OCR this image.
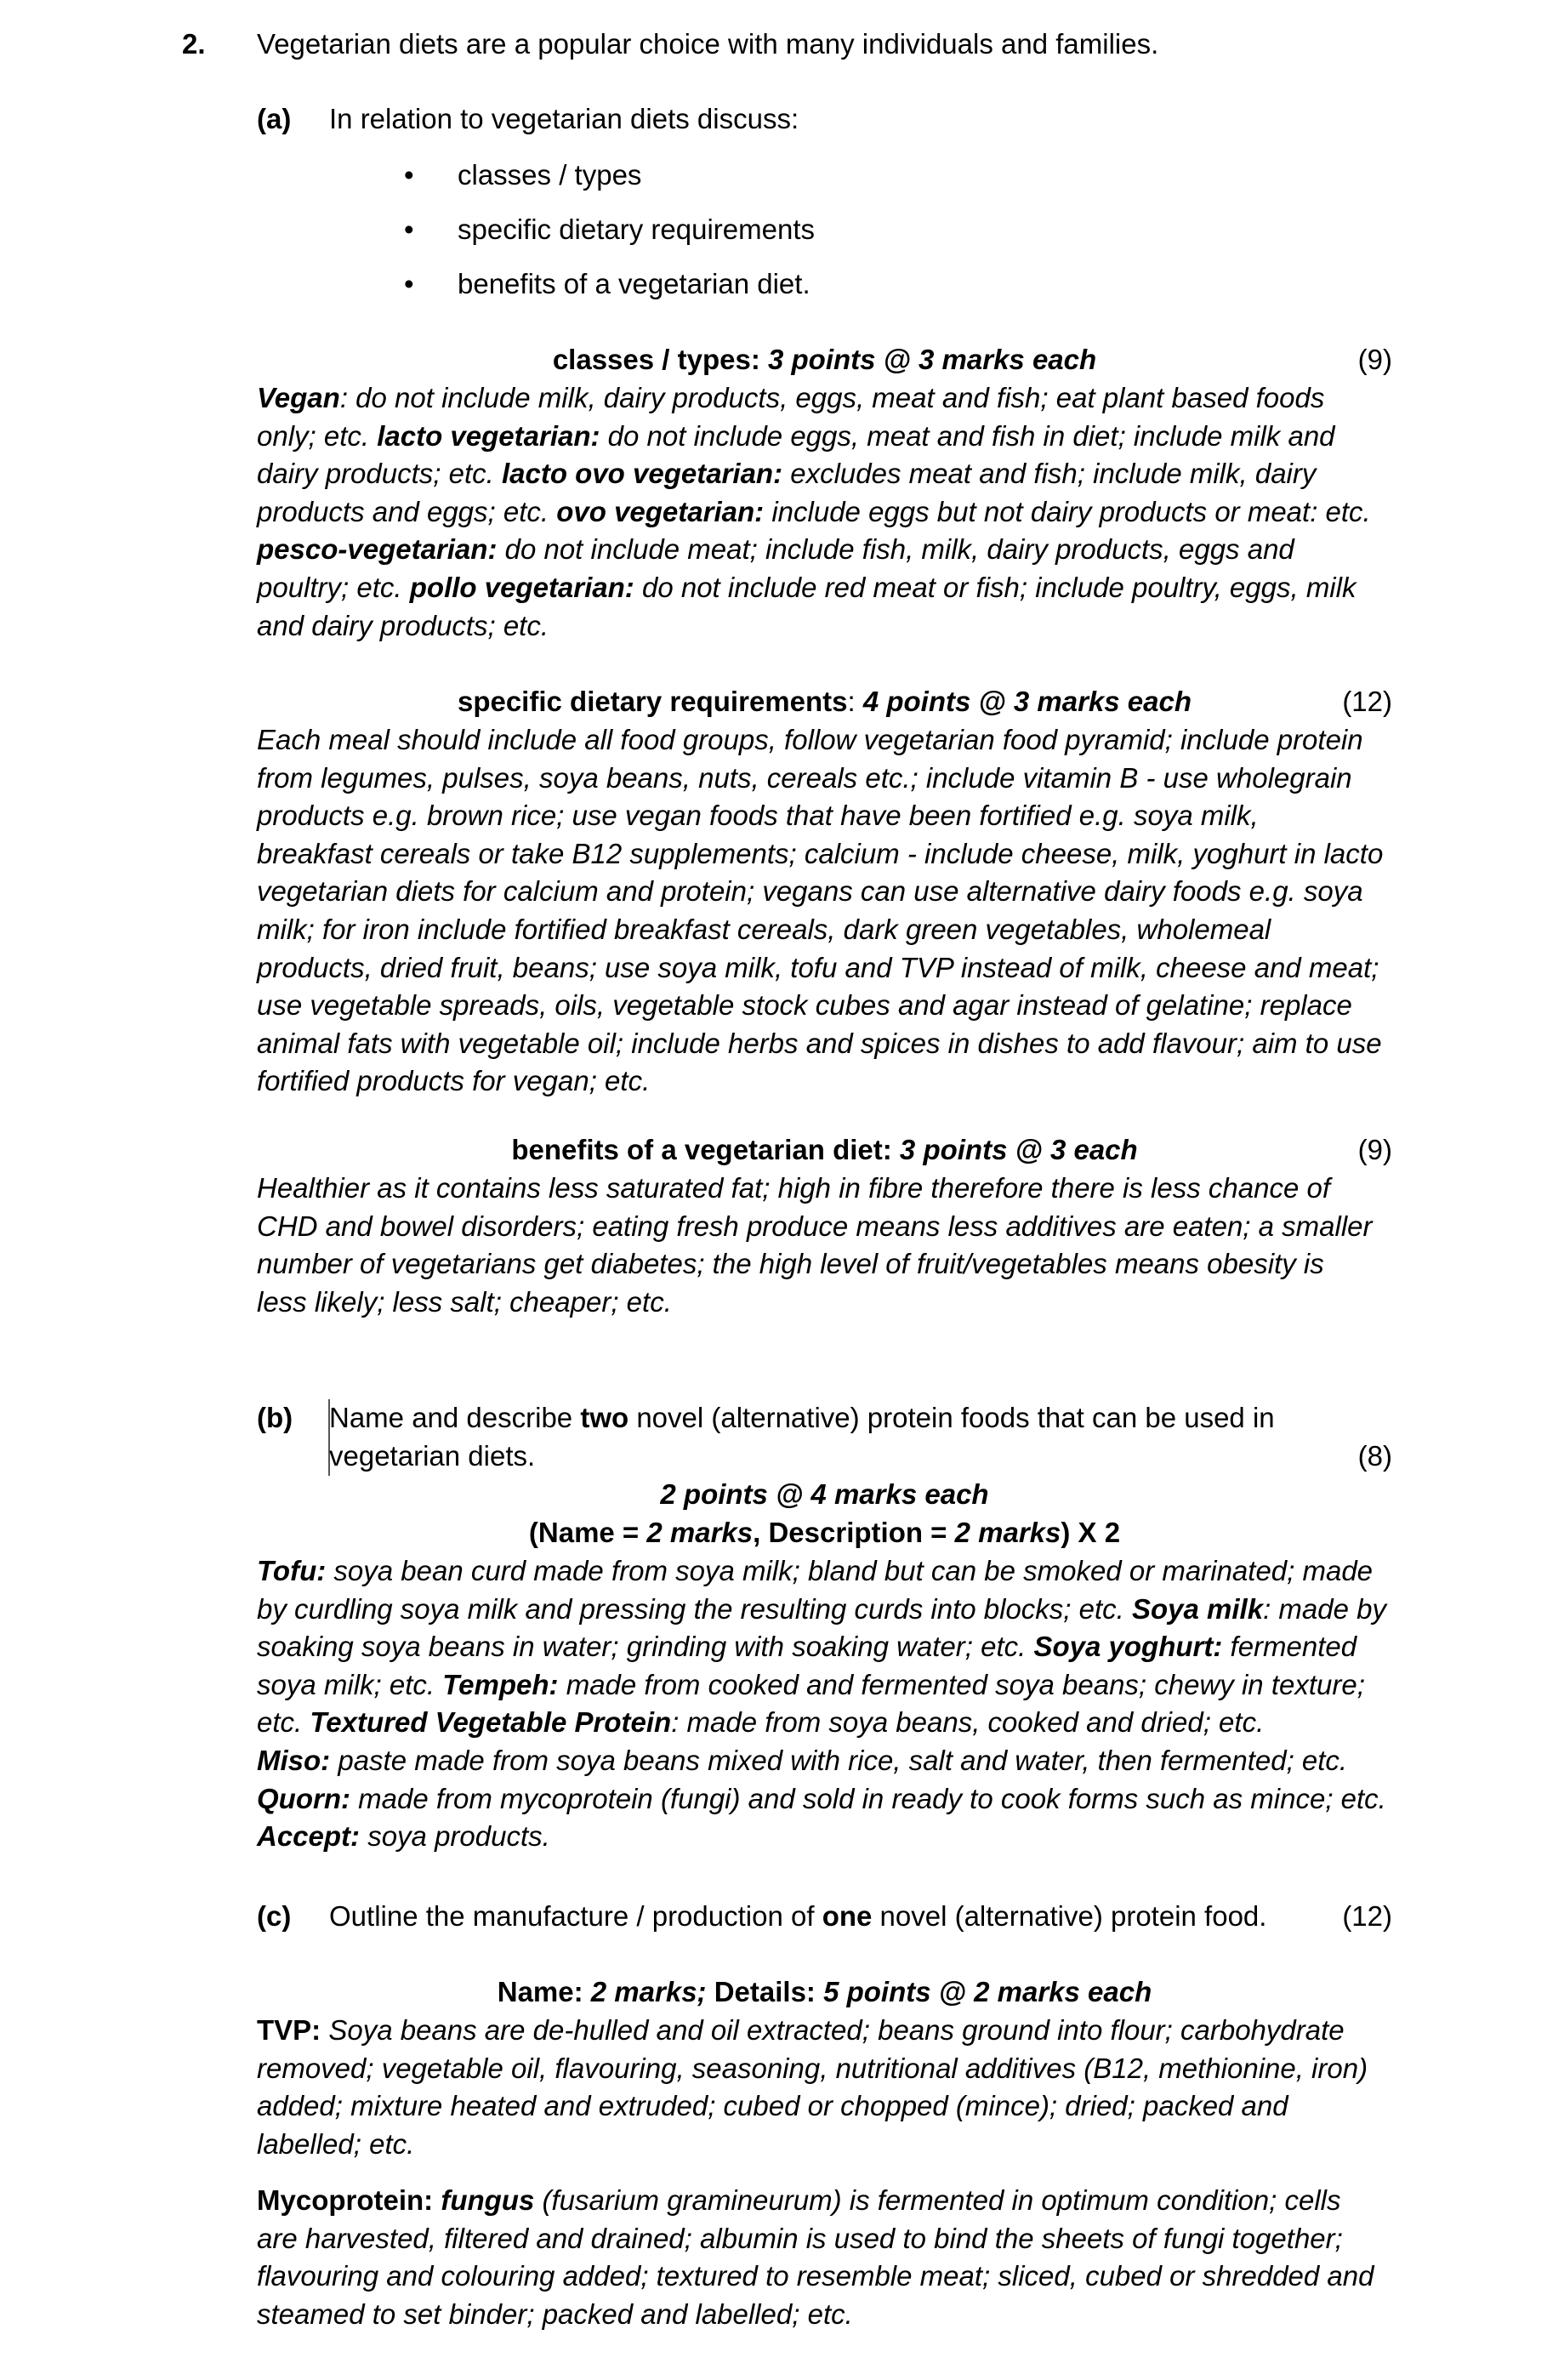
2. Vegetarian diets are a popular choice with many individuals and families.
(a) In relation to vegetarian diets discuss:
• classes / types
• specific dietary requirements
• benefits of a vegetarian diet.
classes / types: 3 points @ 3 marks each	(9)
Vegan: do not include milk, dairy products, eggs, meat and fish; eat plant based foods
only; etc. lacto vegetarian: do not include eggs, meat and fish in diet; include milk and
dairy products; etc. lacto ovo vegetarian: excludes meat and fish; include milk, dairy
products and eggs; etc. ovo vegetarian: include eggs but not dairy products or meat: etc.
pesco-vegetarian: do not include meat; include fish, milk, dairy products, eggs and
poultry; etc. pollo vegetarian: do not include red meat or fish; include poultry, eggs, milk
and dairy products; etc.
specific dietary requirements: 4 points @ 3 marks each	(12)
Each meal should include all food groups, follow vegetarian food pyramid; include protein
from legumes, pulses, soya beans, nuts, cereals etc.; include vitamin B - use wholegrain
products e.g. brown rice; use vegan foods that have been fortified e.g. soya milk,
breakfast cereals or take B12 supplements; calcium - include cheese, milk, yoghurt in lacto
vegetarian diets for calcium and protein; vegans can use alternative dairy foods e.g. soya
milk; for iron include fortified breakfast cereals, dark green vegetables, wholemeal
products, dried fruit, beans; use soya milk, tofu and TVP instead of milk, cheese and meat;
use vegetable spreads, oils, vegetable stock cubes and agar instead of gelatine; replace
animal fats with vegetable oil; include herbs and spices in dishes to add flavour; aim to use
fortified products for vegan; etc.
benefits of a vegetarian diet: 3 points @ 3 each	(9)
Healthier as it contains less saturated fat; high in fibre therefore there is less chance of
CHD and bowel disorders; eating fresh produce means less additives are eaten; a smaller
number of vegetarians get diabetes; the high level of fruit/vegetables means obesity is
less likely; less salt; cheaper; etc.
(b) Name and describe two novel (alternative) protein foods that can be used in
vegetarian diets.	(8)
2 points @ 4 marks each
(Name = 2 marks, Description = 2 marks) X 2
Tofu: soya bean curd made from soya milk; bland but can be smoked or marinated; made
by curdling soya milk and pressing the resulting curds into blocks; etc. Soya milk: made by
soaking soya beans in water; grinding with soaking water; etc. Soya yoghurt: fermented
soya milk; etc. Tempeh: made from cooked and fermented soya beans; chewy in texture;
etc. Textured Vegetable Protein: made from soya beans, cooked and dried; etc.
Miso: paste made from soya beans mixed with rice, salt and water, then fermented; etc.
Quorn: made from mycoprotein (fungi) and sold in ready to cook forms such as mince; etc.
Accept: soya products.
(c) Outline the manufacture / production of one novel (alternative) protein food.	(12)
Name: 2 marks; Details: 5 points @ 2 marks each
TVP: Soya beans are de-hulled and oil extracted; beans ground into flour; carbohydrate
removed; vegetable oil, flavouring, seasoning, nutritional additives (B12, methionine, iron)
added; mixture heated and extruded; cubed or chopped (mince); dried; packed and
labelled; etc.
Mycoprotein: fungus (fusarium gramineurum) is fermented in optimum condition; cells
are harvested, filtered and drained; albumin is used to bind the sheets of fungi together;
flavouring and colouring added; textured to resemble meat; sliced, cubed or shredded and
steamed to set binder; packed and labelled; etc.
